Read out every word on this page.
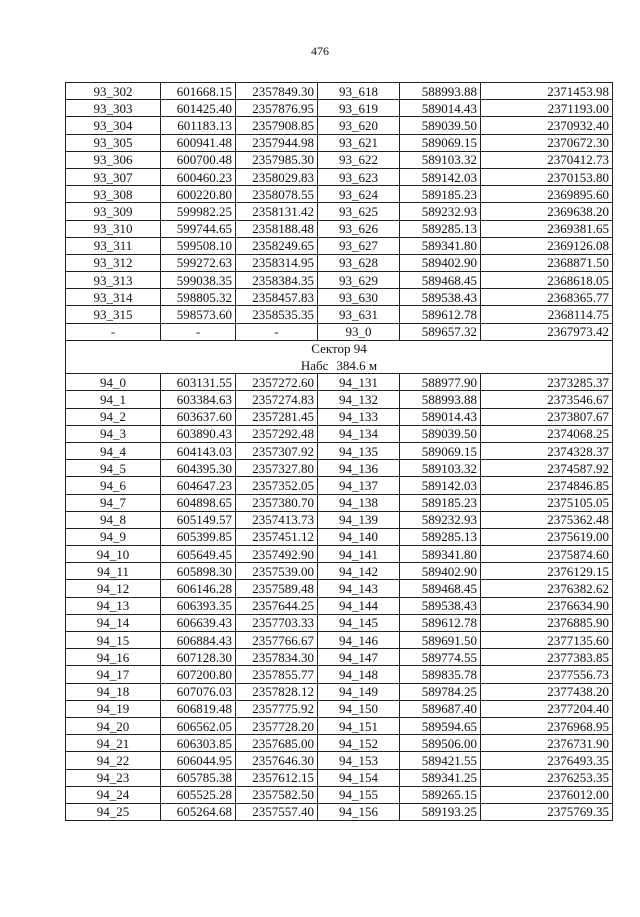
476
93_302	601668.15	2357849.30	93_618	588993.88	2371453.98
93_303	601425.40	2357876.95	93_619	589014.43	2371193.00
93_304	601183.13	2357908.85	93_620	589039.50	2370932.40
93_305	600941.48	2357944.98	93_621	589069.15	2370672.30
93_306	600700.48	2357985.30	93_622	589103.32	2370412.73
93_307	600460.23	2358029.83	93_623	589142.03	2370153.80
93_308	600220.80	2358078.55	93_624	589185.23	2369895.60
93_309	599982.25	2358131.42	93_625	589232.93	2369638.20
93_310	599744.65	2358188.48	93_626	589285.13	2369381.65
93_311	599508.10	2358249.65	93_627	589341.80	2369126.08
93_312	599272.63	2358314.95	93_628	589402.90	2368871.50
93_313	599038.35	2358384.35	93_629	589468.45	2368618.05
93_314	598805.32	2358457.83	93_630	589538.43	2368365.77
93_315	598573.60	2358535.35	93_631	589612.78	2368114.75
-	-	-	93_0	589657.32	2367973.42
Сектор 94					
Набс 384.6 м					
94_0	603131.55	2357272.60	94_131	588977.90	2373285.37
94_1	603384.63	2357274.83	94_132	588993.88	2373546.67
94_2	603637.60	2357281.45	94_133	589014.43	2373807.67
94_3	603890.43	2357292.48	94_134	589039.50	2374068.25
94_4	604143.03	2357307.92	94_135	589069.15	2374328.37
94_5	604395.30	2357327.80	94_136	589103.32	2374587.92
94_6	604647.23	2357352.05	94_137	589142.03	2374846.85
94_7	604898.65	2357380.70	94_138	589185.23	2375105.05
94_8	605149.57	2357413.73	94_139	589232.93	2375362.48
94_9	605399.85	2357451.12	94_140	589285.13	2375619.00
94_10	605649.45	2357492.90	94_141	589341.80	2375874.60
94_11	605898.30	2357539.00	94_142	589402.90	2376129.15
94_12	606146.28	2357589.48	94_143	589468.45	2376382.62
94_13	606393.35	2357644.25	94_144	589538.43	2376634.90
94_14	606639.43	2357703.33	94_145	589612.78	2376885.90
94_15	606884.43	2357766.67	94_146	589691.50	2377135.60
94_16	607128.30	2357834.30	94_147	589774.55	2377383.85
94_17	607200.80	2357855.77	94_148	589835.78	2377556.73
94_18	607076.03	2357828.12	94_149	589784.25	2377438.20
94_19	606819.48	2357775.92	94_150	589687.40	2377204.40
94_20	606562.05	2357728.20	94_151	589594.65	2376968.95
94_21	606303.85	2357685.00	94_152	589506.00	2376731.90
94_22	606044.95	2357646.30	94_153	589421.55	2376493.35
94_23	605785.38	2357612.15	94_154	589341.25	2376253.35
94_24	605525.28	2357582.50	94_155	589265.15	2376012.00
94_25	605264.68	2357557.40	94_156	589193.25	2375769.35
